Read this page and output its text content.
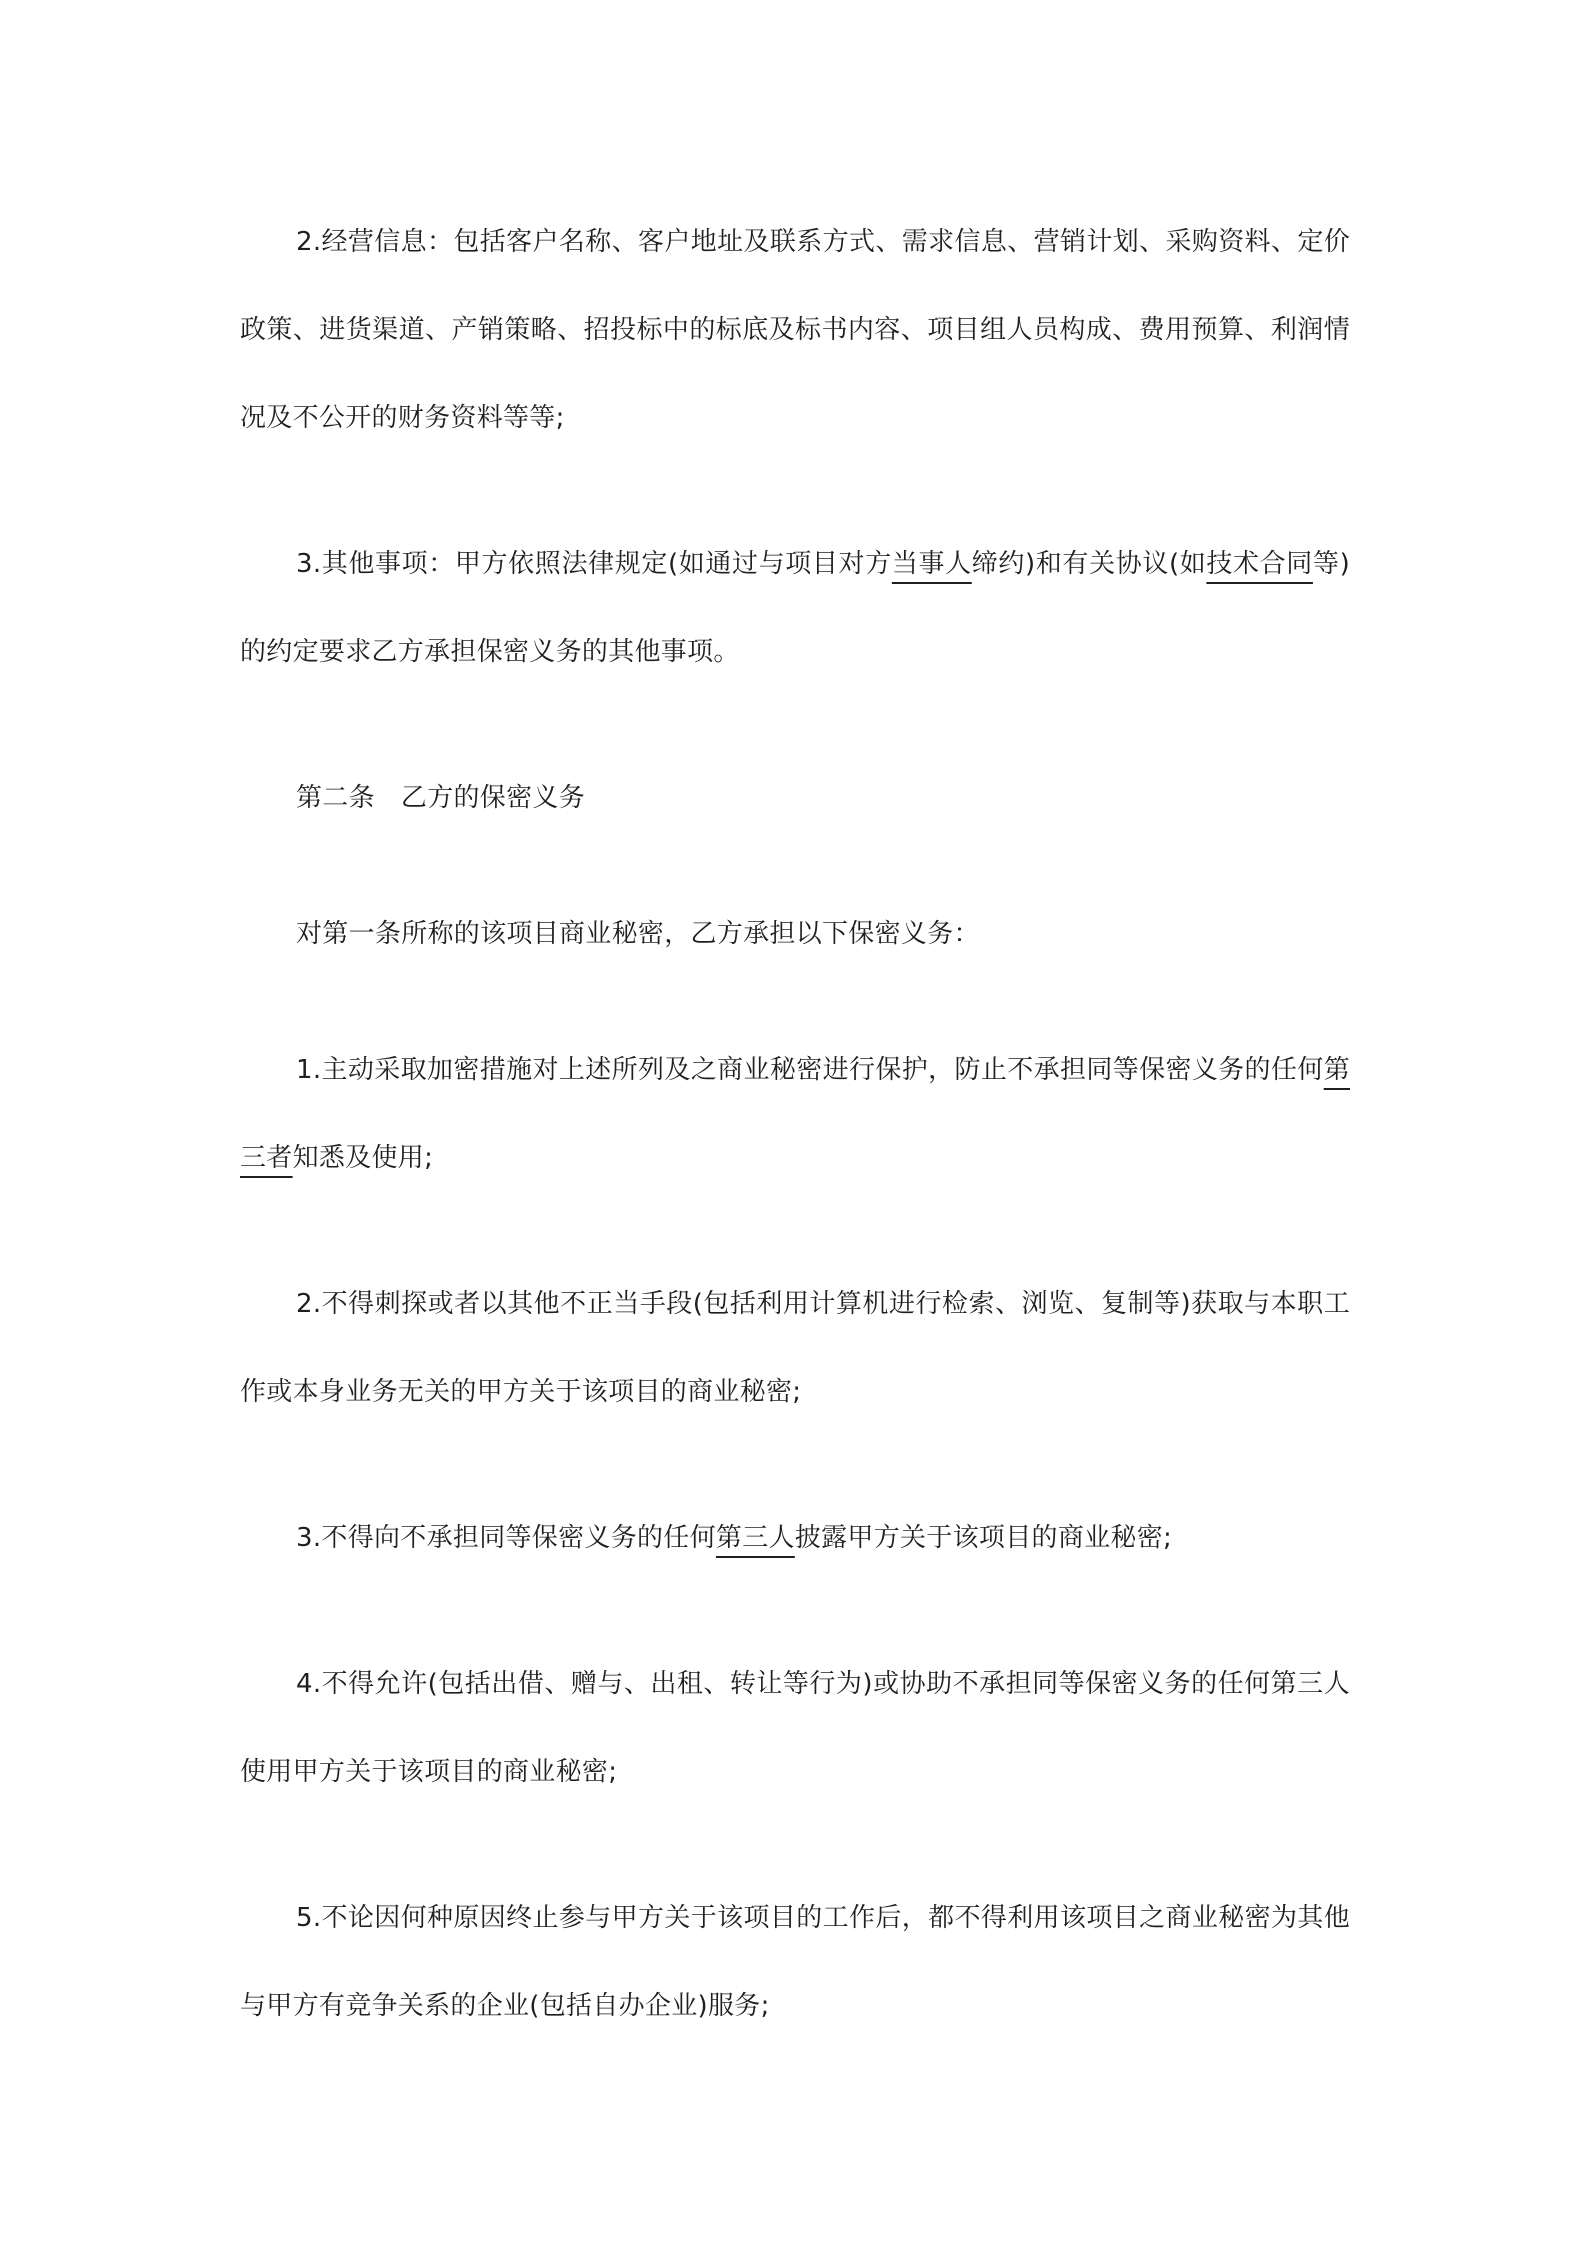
2.经营信息：包括客户名称、客户地址及联系方式、需求信息、营销计划、采购资料、定价政策、进货渠道、产销策略、招投标中的标底及标书内容、项目组人员构成、费用预算、利润情况及不公开的财务资料等等;

3.其他事项：甲方依照法律规定(如通过与项目对方当事人缔约)和有关协议(如技术合同等)的约定要求乙方承担保密义务的其他事项。

第二条 乙方的保密义务

对第一条所称的该项目商业秘密，乙方承担以下保密义务：

1.主动采取加密措施对上述所列及之商业秘密进行保护，防止不承担同等保密义务的任何第三者知悉及使用;

2.不得刺探或者以其他不正当手段(包括利用计算机进行检索、浏览、复制等)获取与本职工作或本身业务无关的甲方关于该项目的商业秘密;

3.不得向不承担同等保密义务的任何第三人披露甲方关于该项目的商业秘密;

4.不得允许(包括出借、赠与、出租、转让等行为)或协助不承担同等保密义务的任何第三人使用甲方关于该项目的商业秘密;

5.不论因何种原因终止参与甲方关于该项目的工作后，都不得利用该项目之商业秘密为其他与甲方有竞争关系的企业(包括自办企业)服务;
